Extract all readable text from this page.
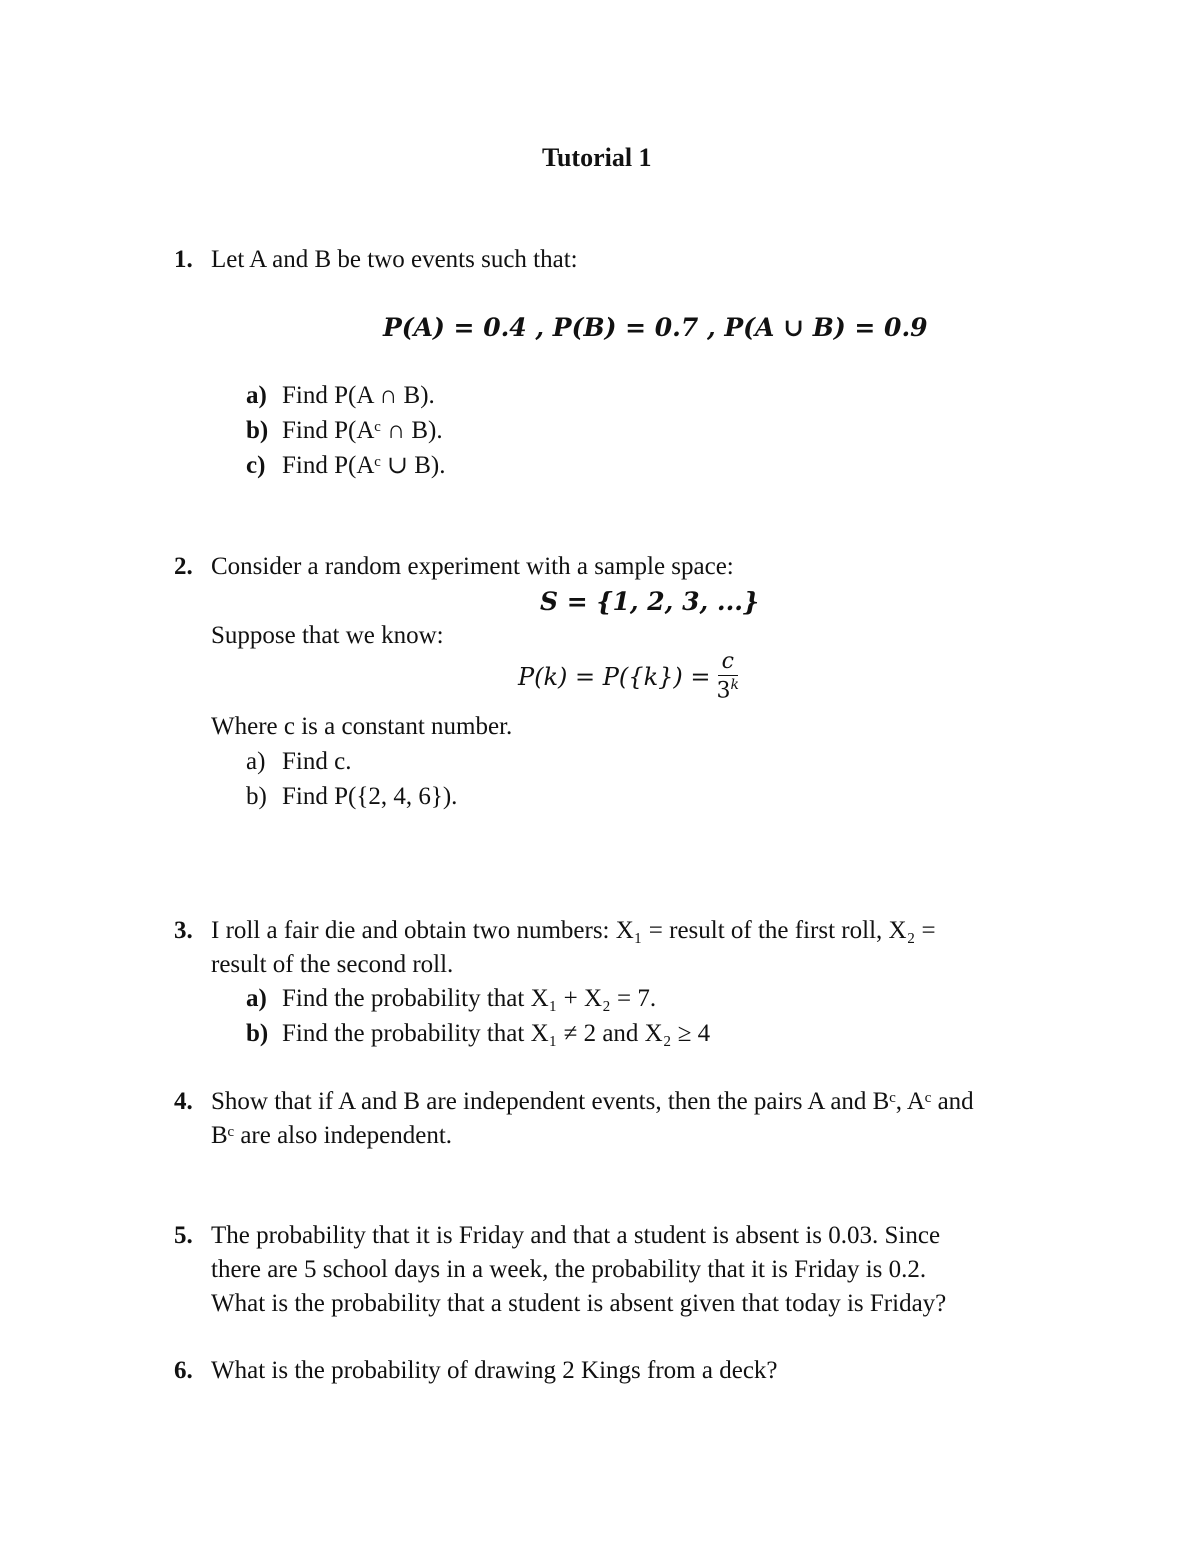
Tutorial 1
1. Let A and B be two events such that:
P(A) = 0.4 , P(B) = 0.7 , P(A ∪ B) = 0.9
a) Find P(A ∩ B).
b) Find P(Aᶜ ∩ B).
c) Find P(Aᶜ ∪ B).
2. Consider a random experiment with a sample space:
S = {1, 2, 3, ...}
Suppose that we know:
$P(k) = P(\{k\}) = \frac{c}{3^k}$
Where c is a constant number.
a) Find c.
b) Find P({2, 4, 6}).
3. I roll a fair die and obtain two numbers: X₁ = result of the first roll, X₂ =
result of the second roll.
a) Find the probability that X₁ + X₂ = 7.
b) Find the probability that X₁ ≠ 2 and X₂ ≥ 4
4. Show that if A and B are independent events, then the pairs A and Bᶜ, Aᶜ and
Bᶜ are also independent.
5. The probability that it is Friday and that a student is absent is 0.03. Since
there are 5 school days in a week, the probability that it is Friday is 0.2.
What is the probability that a student is absent given that today is Friday?
6. What is the probability of drawing 2 Kings from a deck?
